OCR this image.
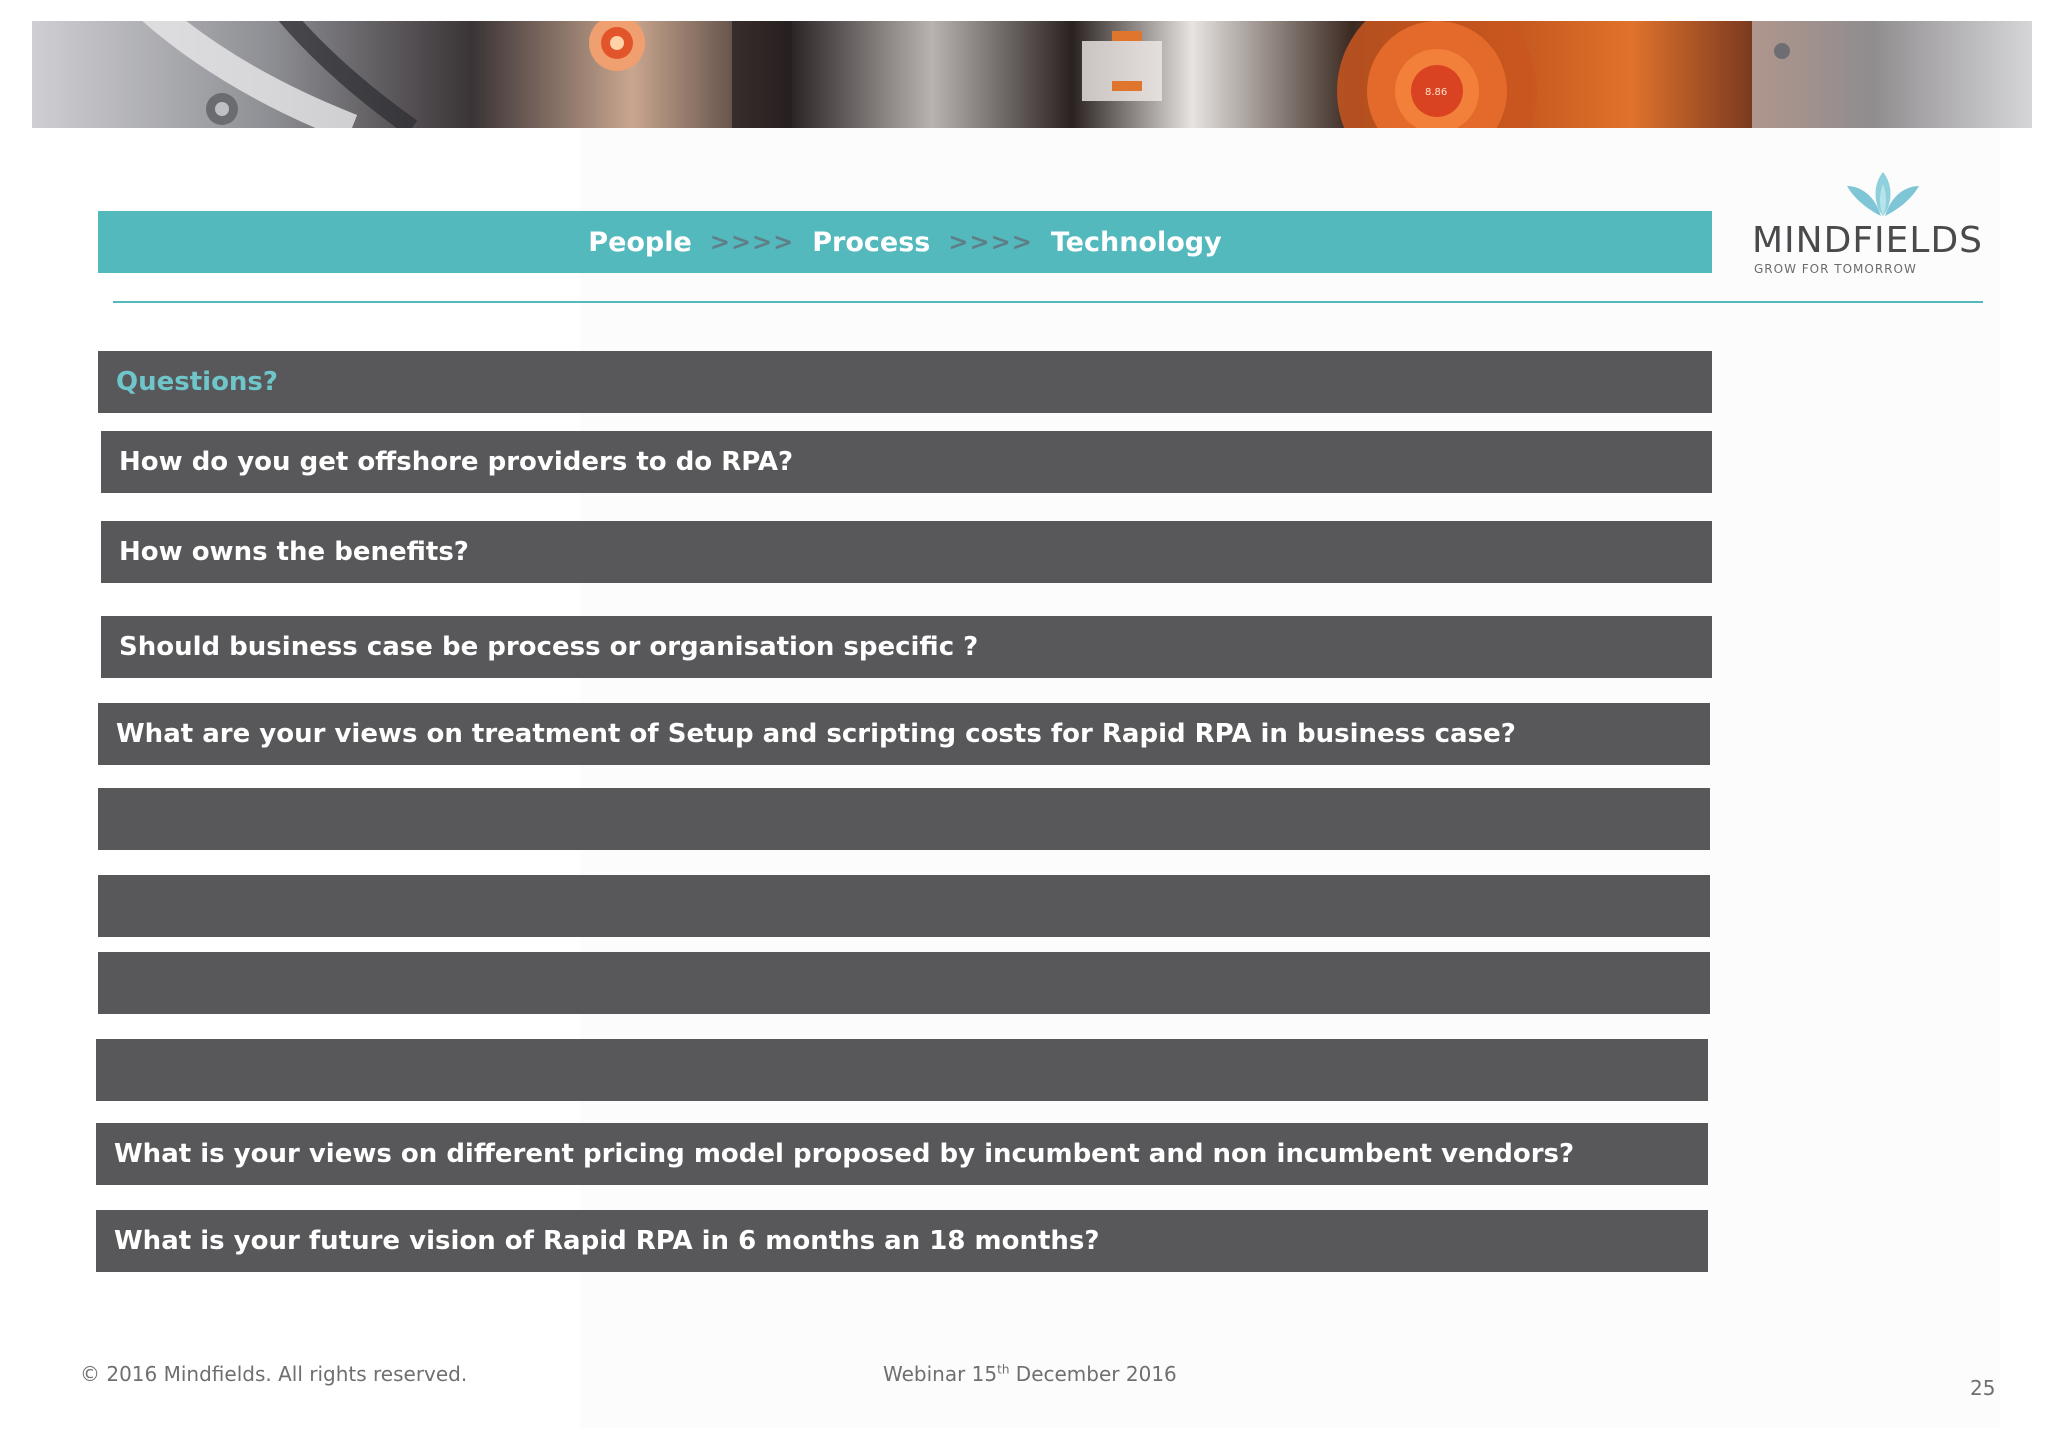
8.86
People >>>> Process >>>> Technology	MINDFIELDS
GROW FOR TOMORROW
Questions?
How do you get offshore providers to do RPA?
How owns the benefits?
Should business case be process or organisation specific ?
What are your views on treatment of Setup and scripting costs for Rapid RPA in business case?
What is your views on different pricing model proposed by incumbent and non incumbent vendors?
What is your future vision of Rapid RPA in 6 months an 18 months?
© 2016 Mindfields. All rights reserved.	Webinar 15th December 2016
25
